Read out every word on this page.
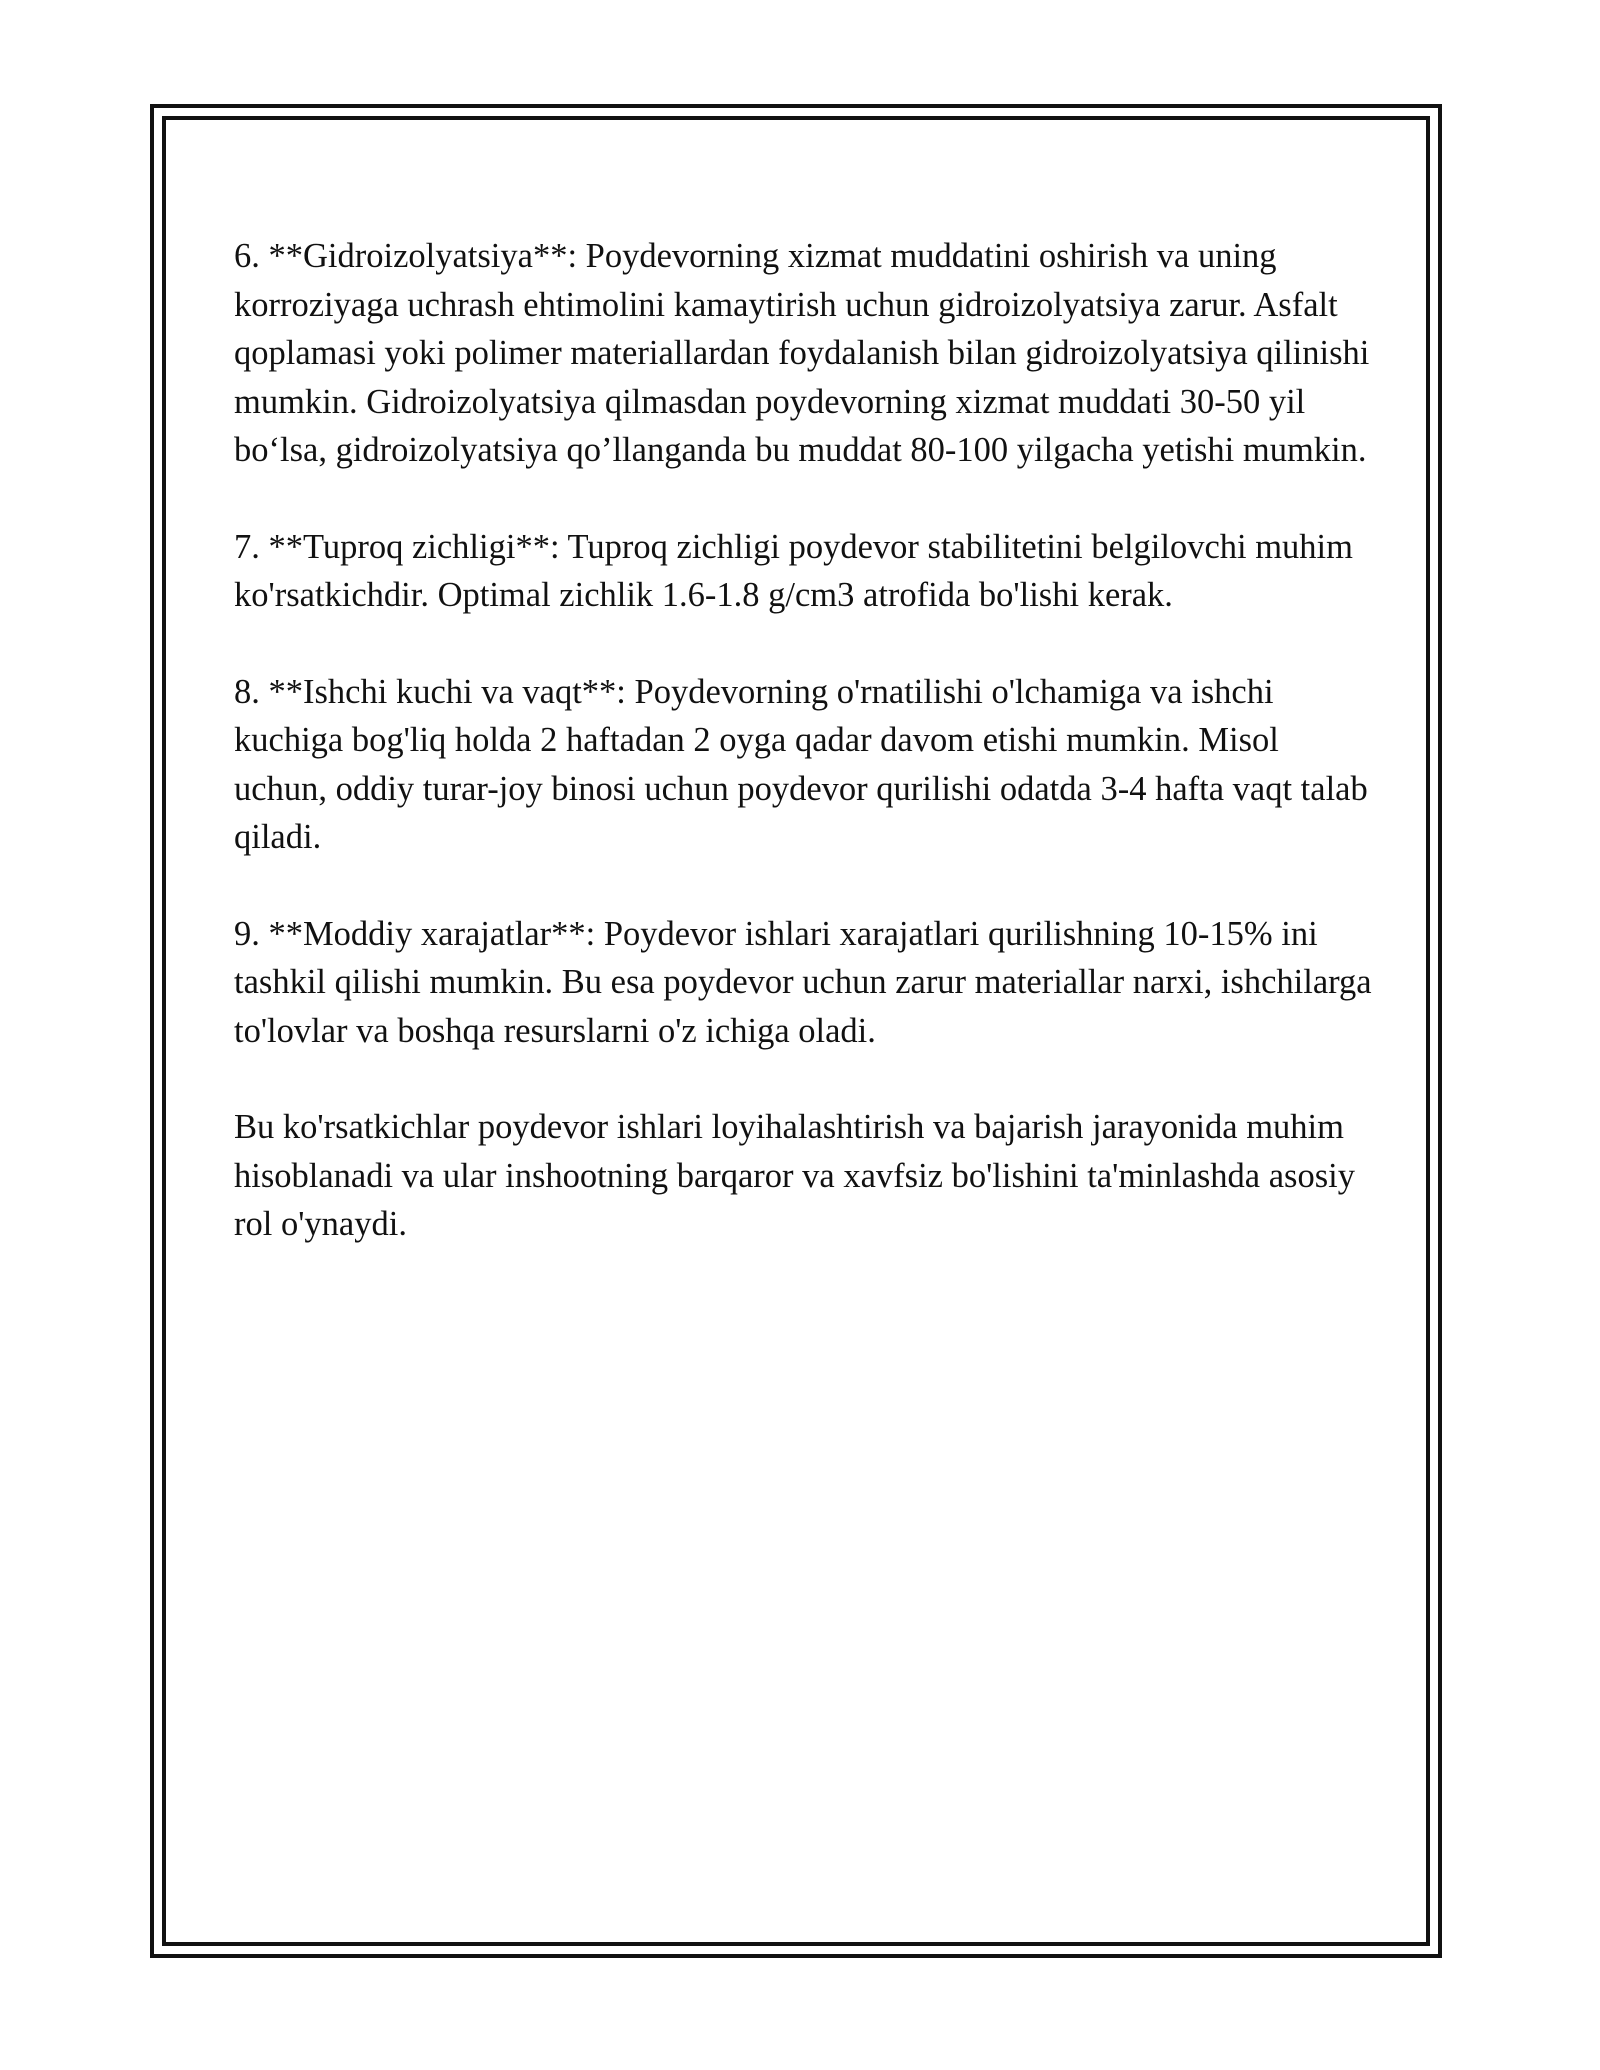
6. **Gidroizolyatsiya**: Poydevorning xizmat muddatini oshirish va uning korroziyaga uchrash ehtimolini kamaytirish uchun gidroizolyatsiya zarur. Asfalt qoplamasi yoki polimer materiallardan foydalanish bilan gidroizolyatsiya qilinishi mumkin. Gidroizolyatsiya qilmasdan poydevorning xizmat muddati 30-50 yil bo‘lsa, gidroizolyatsiya qo’llanganda bu muddat 80-100 yilgacha yetishi mumkin.

7. **Tuproq zichligi**: Tuproq zichligi poydevor stabilitetini belgilovchi muhim ko'rsatkichdir. Optimal zichlik 1.6-1.8 g/cm3 atrofida bo'lishi kerak.

8. **Ishchi kuchi va vaqt**: Poydevorning o'rnatilishi o'lchamiga va ishchi kuchiga bog'liq holda 2 haftadan 2 oyga qadar davom etishi mumkin. Misol uchun, oddiy turar-joy binosi uchun poydevor qurilishi odatda 3-4 hafta vaqt talab qiladi.

9. **Moddiy xarajatlar**: Poydevor ishlari xarajatlari qurilishning 10-15% ini tashkil qilishi mumkin. Bu esa poydevor uchun zarur materiallar narxi, ishchilarga to'lovlar va boshqa resurslarni o'z ichiga oladi.

Bu ko'rsatkichlar poydevor ishlari loyihalashtirish va bajarish jarayonida muhim hisoblanadi va ular inshootning barqaror va xavfsiz bo'lishini ta'minlashda asosiy rol o'ynaydi.
